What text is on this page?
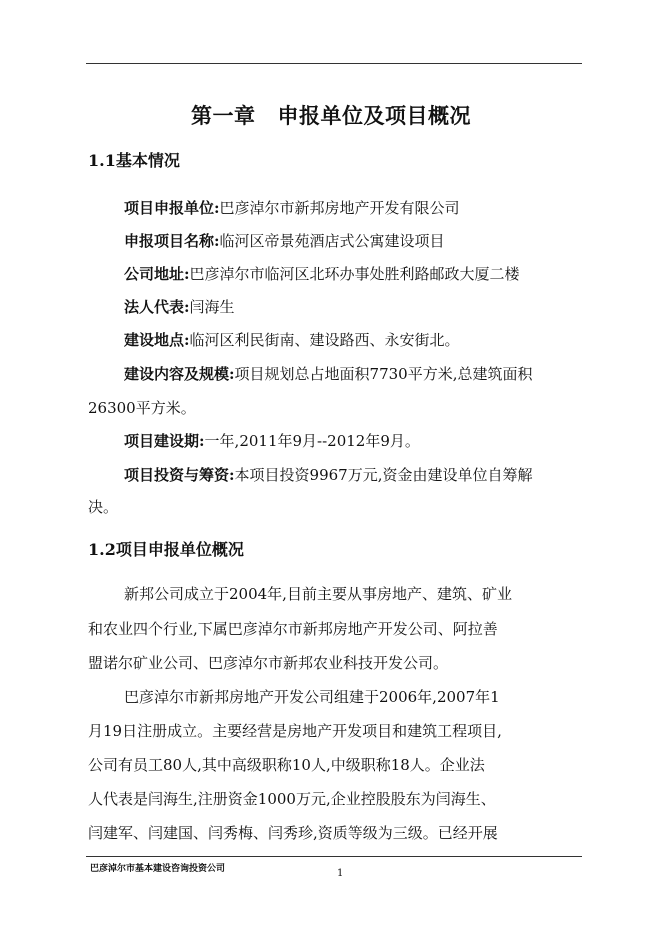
第一章 申报单位及项目概况

1.1基本情况

项目申报单位:巴彦淖尔市新邦房地产开发有限公司

申报项目名称:临河区帝景苑酒店式公寓建设项目

公司地址:巴彦淖尔市临河区北环办事处胜利路邮政大厦二楼

法人代表:闫海生

建设地点:临河区利民街南、建设路西、永安街北。

建设内容及规模:项目规划总占地面积7730平方米,总建筑面积

26300平方米。

项目建设期:一年,2011年9月--2012年9月。

项目投资与筹资:本项目投资9967万元,资金由建设单位自筹解

决。

1.2项目申报单位概况

新邦公司成立于2004年,目前主要从事房地产、建筑、矿业

和农业四个行业,下属巴彦淖尔市新邦房地产开发公司、阿拉善

盟诺尔矿业公司、巴彦淖尔市新邦农业科技开发公司。

巴彦淖尔市新邦房地产开发公司组建于2006年,2007年1

月19日注册成立。主要经营是房地产开发项目和建筑工程项目,

公司有员工80人,其中高级职称10人,中级职称18人。企业法

人代表是闫海生,注册资金1000万元,企业控股股东为闫海生、

闫建军、闫建国、闫秀梅、闫秀珍,资质等级为三级。已经开展

巴彦淖尔市基本建设咨询投资公司	1
